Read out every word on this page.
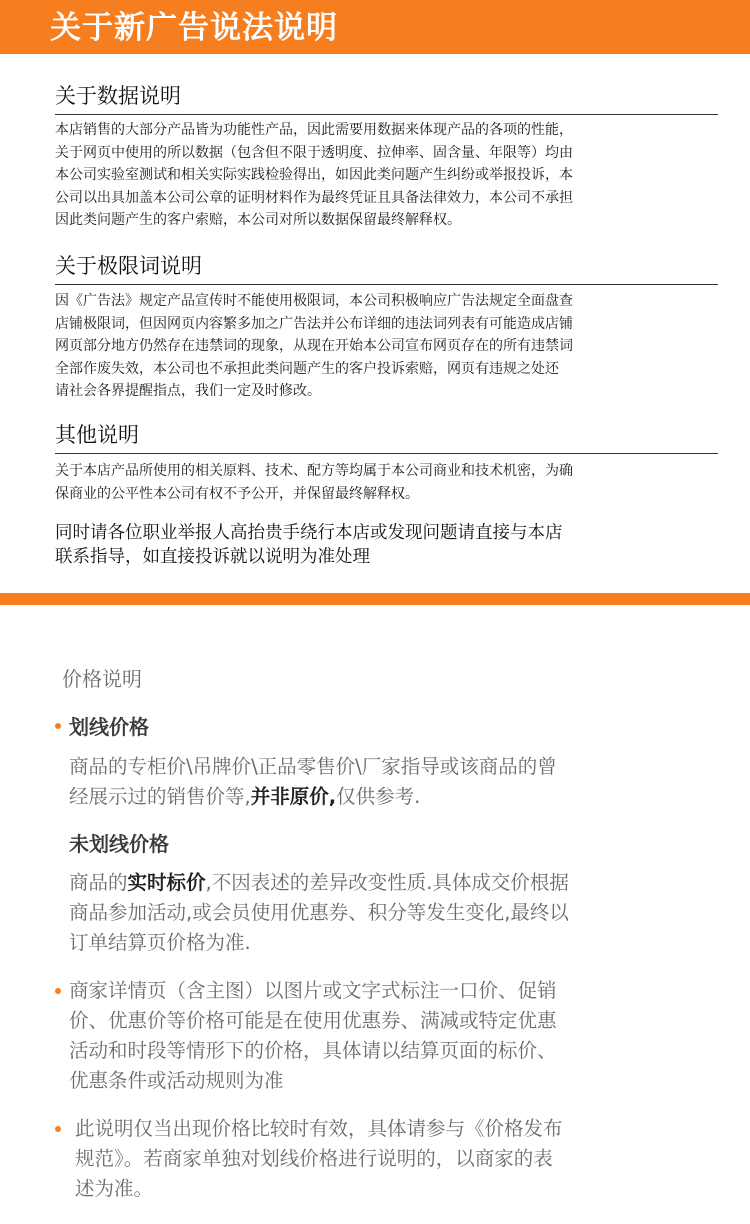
关于新广告说法说明
关于数据说明

本店销售的大部分产品皆为功能性产品，因此需要用数据来体现产品的各项的性能，

关于网页中使用的所以数据（包含但不限于透明度、拉伸率、固含量、年限等）均由

本公司实验室测试和相关实际实践检验得出，如因此类问题产生纠纷或举报投诉，本

公司以出具加盖本公司公章的证明材料作为最终凭证且具备法律效力，本公司不承担

因此类问题产生的客户索赔，本公司对所以数据保留最终解释权。

关于极限词说明

因《广告法》规定产品宣传时不能使用极限词，本公司积极响应广告法规定全面盘查

店铺极限词，但因网页内容繁多加之广告法并公布详细的违法词列表有可能造成店铺

网页部分地方仍然存在违禁词的现象，从现在开始本公司宣布网页存在的所有违禁词

全部作废失效，本公司也不承担此类问题产生的客户投诉索赔，网页有违规之处还

请社会各界提醒指点，我们一定及时修改。

其他说明

关于本店产品所使用的相关原料、技术、配方等均属于本公司商业和技术机密，为确

保商业的公平性本公司有权不予公开，并保留最终解释权。

同时请各位职业举报人高抬贵手绕行本店或发现问题请直接与本店

联系指导，如直接投诉就以说明为准处理

价格说明
划线价格

商品的专柜价\吊牌价\正品零售价\厂家指导或该商品的曾

经展示过的销售价等,并非原价,仅供参考.

未划线价格

商品的实时标价,不因表述的差异改变性质.具体成交价根据

商品参加活动,或会员使用优惠券、积分等发生变化,最终以

订单结算页价格为准.

商家详情页（含主图）以图片或文字式标注一口价、促销

价、优惠价等价格可能是在使用优惠券、满减或特定优惠

活动和时段等情形下的价格，具体请以结算页面的标价、

优惠条件或活动规则为准

此说明仅当出现价格比较时有效，具体请参与《价格发布

规范》。若商家单独对划线价格进行说明的，以商家的表

述为准。
